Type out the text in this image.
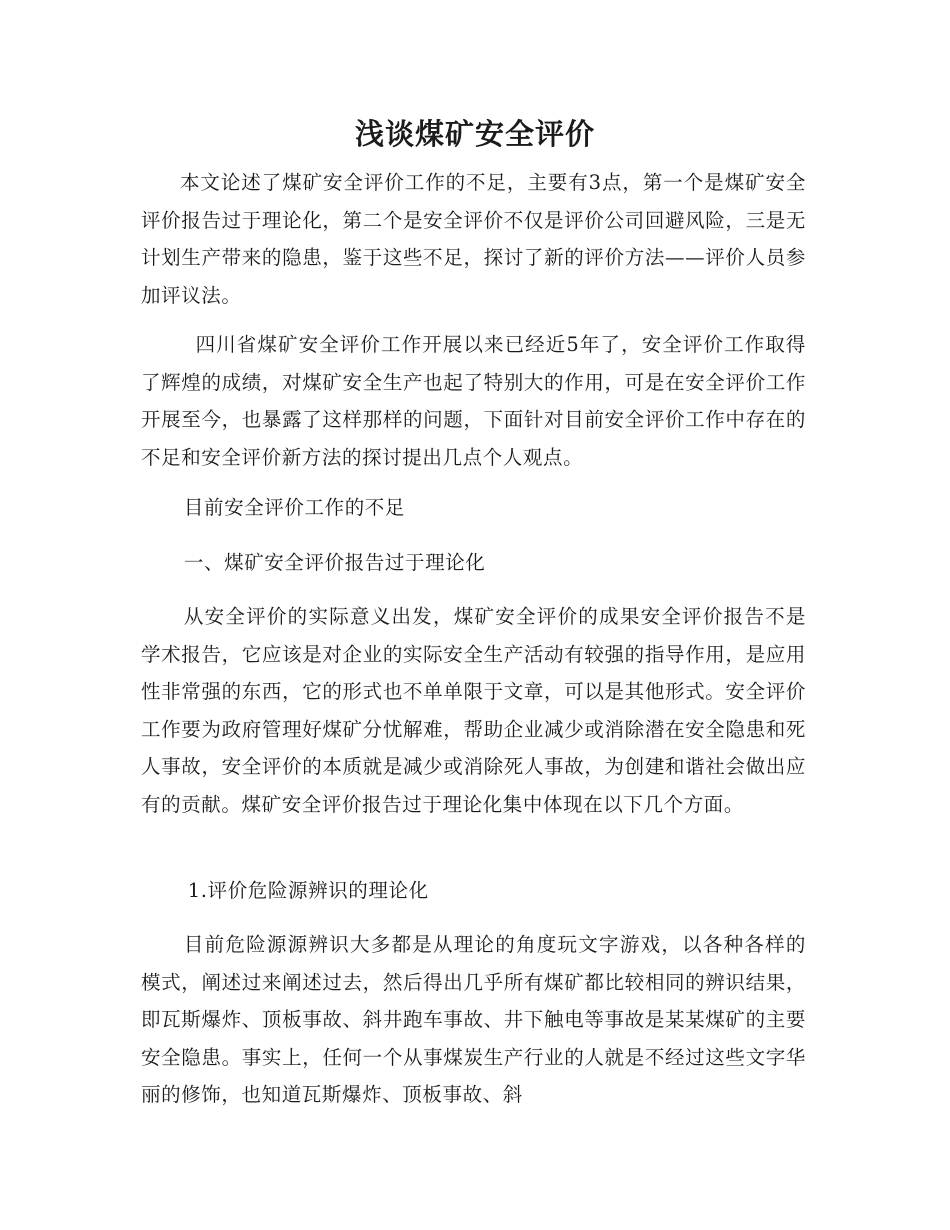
浅谈煤矿安全评价

本文论述了煤矿安全评价工作的不足，主要有3点，第一个是煤矿安全评价报告过于理论化，第二个是安全评价不仅是评价公司回避风险，三是无计划生产带来的隐患，鉴于这些不足，探讨了新的评价方法——评价人员参加评议法。

四川省煤矿安全评价工作开展以来已经近5年了，安全评价工作取得了辉煌的成绩，对煤矿安全生产也起了特别大的作用，可是在安全评价工作开展至今，也暴露了这样那样的问题，下面针对目前安全评价工作中存在的不足和安全评价新方法的探讨提出几点个人观点。

目前安全评价工作的不足

一、煤矿安全评价报告过于理论化

从安全评价的实际意义出发，煤矿安全评价的成果安全评价报告不是学术报告，它应该是对企业的实际安全生产活动有较强的指导作用，是应用性非常强的东西，它的形式也不单单限于文章，可以是其他形式。安全评价工作要为政府管理好煤矿分忧解难，帮助企业减少或消除潜在安全隐患和死人事故，安全评价的本质就是减少或消除死人事故，为创建和谐社会做出应有的贡献。煤矿安全评价报告过于理论化集中体现在以下几个方面。

1.评价危险源辨识的理论化

目前危险源源辨识大多都是从理论的角度玩文字游戏，以各种各样的模式，阐述过来阐述过去，然后得出几乎所有煤矿都比较相同的辨识结果，即瓦斯爆炸、顶板事故、斜井跑车事故、井下触电等事故是某某煤矿的主要安全隐患。事实上，任何一个从事煤炭生产行业的人就是不经过这些文字华丽的修饰，也知道瓦斯爆炸、顶板事故、斜
